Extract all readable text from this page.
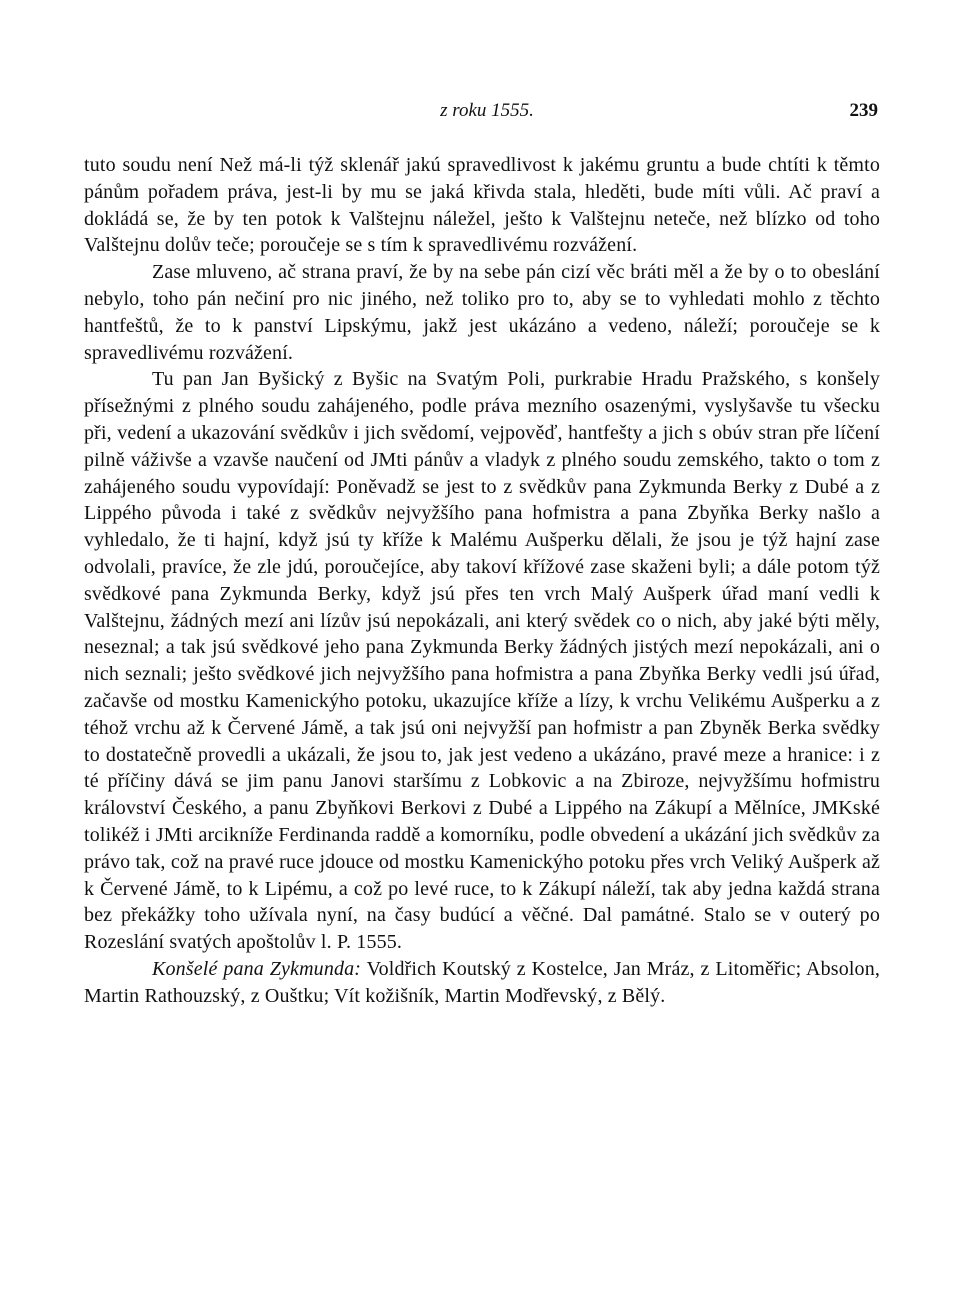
z roku 1555.	239

tuto soudu není Než má-li týž sklenář jakú spravedlivost k jakému gruntu a bude chtíti k těmto pánům pořadem práva, jest-li by mu se jaká křivda stala, hleděti, bude míti vůli. Ač praví a dokládá se, že by ten potok k Valštejnu náležel, ješto k Valštejnu neteče, než blízko od toho Valštejnu dolův teče; poroučeje se s tím k spravedlivému rozvážení.

Zase mluveno, ač strana praví, že by na sebe pán cizí věc bráti měl a že by o to obeslání nebylo, toho pán nečiní pro nic jiného, než toliko pro to, aby se to vyhledati mohlo z těchto hantfeštů, že to k panství Lipskýmu, jakž jest ukázáno a vedeno, náleží; poroučeje se k spravedlivému rozvážení.

Tu pan Jan Byšický z Byšic na Svatým Poli, purkrabie Hradu Pražského, s konšely přísežnými z plného soudu zahájeného, podle práva mezního osazenými, vyslyšavše tu všecku při, vedení a ukazování svědkův i jich svědomí, vejpověď, hantfešty a jich s obúv stran pře líčení pilně váživše a vzavše naučení od JMti pánův a vladyk z plného soudu zemského, takto o tom z zahájeného soudu vypovídají: Poněvadž se jest to z svědkův pana Zykmunda Berky z Dubé a z Lippého původa i také z svědkův nejvyžšího pana hofmistra a pana Zbyňka Berky našlo a vyhledalo, že ti hajní, když jsú ty kříže k Malému Aušperku dělali, že jsou je týž hajní zase odvolali, pravíce, že zle jdú, poroučejíce, aby takoví křížové zase skaženi byli; a dále potom týž svědkové pana Zykmunda Berky, když jsú přes ten vrch Malý Aušperk úřad maní vedli k Valštejnu, žádných mezí ani lízův jsú nepokázali, ani který svědek co o nich, aby jaké býti měly, neseznal; a tak jsú svědkové jeho pana Zykmunda Berky žádných jistých mezí nepokázali, ani o nich seznali; ještо svědkové jich nejvyžšího pana hofmistra a pana Zbyňka Berky vedli jsú úřad, začavše od mostku Kamenickýho potoku, ukazujíce kříže a lízy, k vrchu Velikému Aušperku a z téhož vrchu až k Červené Jámě, a tak jsú oni nejvyžší pan hofmistr a pan Zbyněk Berka svědky to dostatečně provedli a ukázali, že jsou to, jak jest vedeno a ukázáno, pravé meze a hranice: i z té příčiny dává se jim panu Janovi staršímu z Lobkovic a na Zbiroze, nejvyžšímu hofmistru království Českého, a panu Zbyňkovi Berkovi z Dubé a Lippého na Zákupí a Mělníce, JMKské tolikéž i JMti arcikníže Ferdinanda raddě a komorníku, podle obvedení a ukázání jich svědkův za právo tak, což na pravé ruce jdouce od mostku Kamenickýho potoku přes vrch Veliký Aušperk až k Červené Jámě, to k Lipému, a což po levé ruce, to k Zákupí náleží, tak aby jedna každá strana bez překážky toho užívala nyní, na časy budúcí a věčné. Dal památné. Stalo se v outerý po Rozeslání svatých apoštolův l. P. 1555.

Konšelé pana Zykmunda: Voldřich Koutský z Kostelce, Jan Mráz, z Litoměřic; Absolon, Martin Rathouzský, z Ouštku; Vít kožišník, Martin Modřevský, z Bělý.
